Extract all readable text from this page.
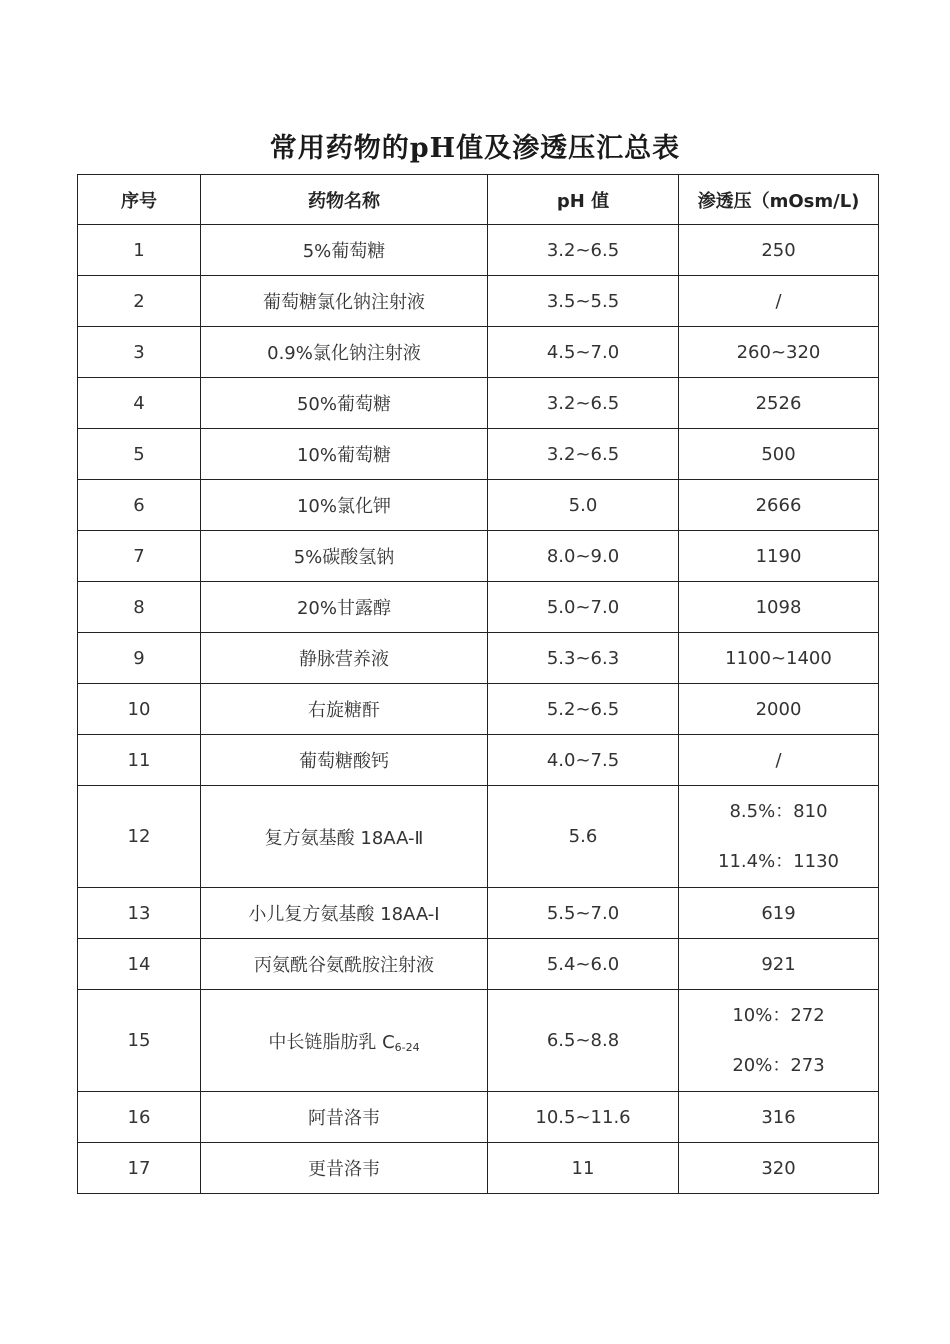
常用药物的pH值及渗透压汇总表
序号	药物名称	pH 值	渗透压（mOsm/L)
1	5%葡萄糖	3.2~6.5	250
2	葡萄糖氯化钠注射液	3.5~5.5	/
3	0.9%氯化钠注射液	4.5~7.0	260~320
4	50%葡萄糖	3.2~6.5	2526
5	10%葡萄糖	3.2~6.5	500
6	10%氯化钾	5.0	2666
7	5%碳酸氢钠	8.0~9.0	1190
8	20%甘露醇	5.0~7.0	1098
9	静脉营养液	5.3~6.3	1100~1400
10	右旋糖酐	5.2~6.5	2000
11	葡萄糖酸钙	4.0~7.5	/
12	复方氨基酸 18AA-Ⅱ	5.6	8.5%：810
11.4%：1130

13	小儿复方氨基酸 18AA-Ⅰ	5.5~7.0	619
14	丙氨酰谷氨酰胺注射液	5.4~6.0	921
15	中长链脂肪乳 $C_{6-24}$	6.5~8.8	10%：272
20%：273

16	阿昔洛韦	10.5~11.6	316
17	更昔洛韦	11	320
